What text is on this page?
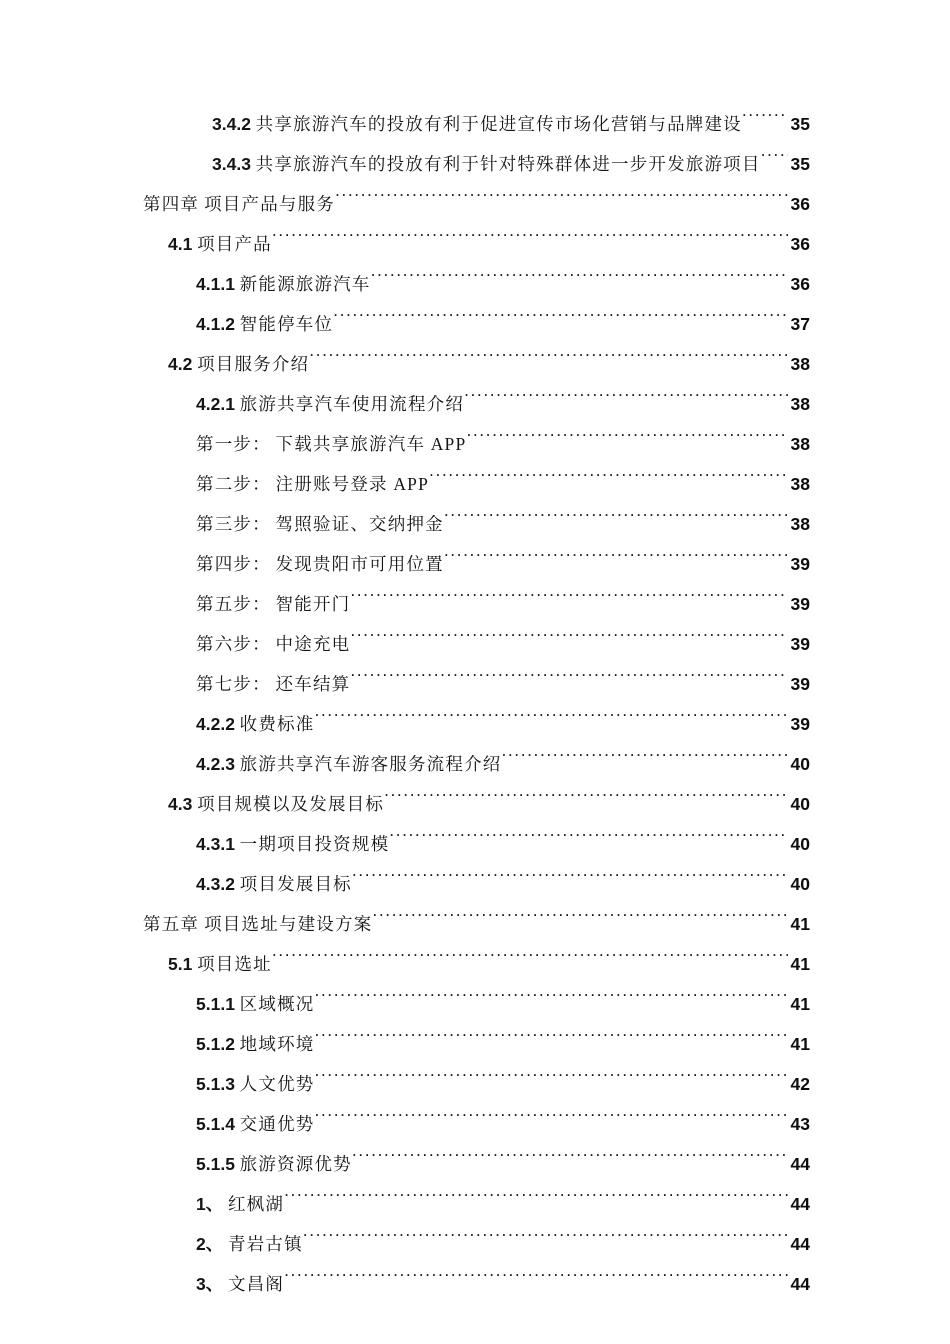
3.4.2 共享旅游汽车的投放有利于促进宣传市场化营销与品牌建设 .....	35
3.4.3 共享旅游汽车的投放有利于针对特殊群体进一步开发旅游项目 ..... 35
第四章 项目产品与服务 .....	36
4.1 项目产品 .....	36
4.1.1 新能源旅游汽车 .....	36
4.1.2 智能停车位 .....	37
4.2 项目服务介绍 .....	38
4.2.1 旅游共享汽车使用流程介绍 .....	38
第一步： 下载共享旅游汽车 APP .....	38
第二步： 注册账号登录 APP .....	38
第三步： 驾照验证、交纳押金 .....	38
第四步： 发现贵阳市可用位置 .....	39
第五步： 智能开门 .....	39
第六步： 中途充电 .....	39
第七步： 还车结算 .....	39
4.2.2 收费标准 .....	39
4.2.3 旅游共享汽车游客服务流程介绍 .....	40
4.3 项目规模以及发展目标 .....	40
4.3.1 一期项目投资规模 .....	40
4.3.2 项目发展目标 .....	40
第五章 项目选址与建设方案 .....	41
5.1 项目选址 .....	41
5.1.1 区域概况 .....	41
5.1.2 地域环境 .....	41
5.1.3 人文优势 .....	42
5.1.4 交通优势 .....	43
5.1.5 旅游资源优势 .....	44
1、 红枫湖 .....	44
2、 青岩古镇 .....	44
3、 文昌阁 .....	44
